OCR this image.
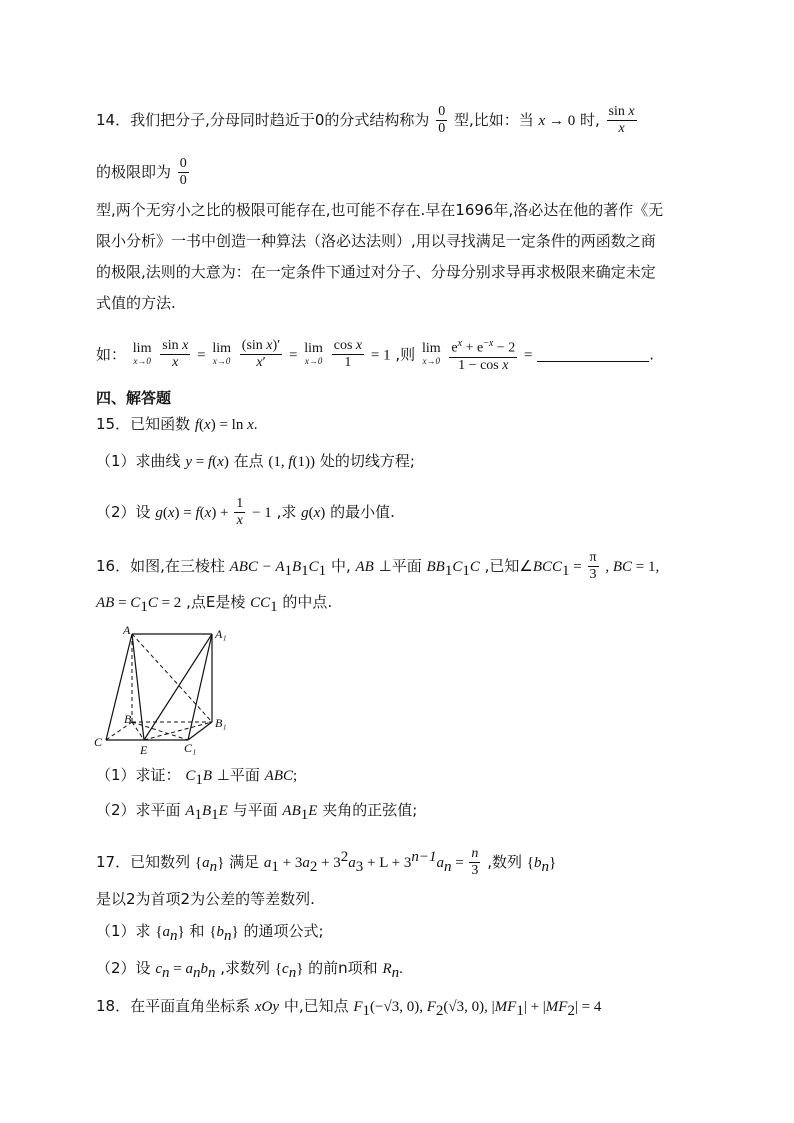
14．我们把分子,分母同时趋近于0的分式结构称为 $\frac{0}{0}$ 型,比如：当 x → 0 时, $\frac{\text{sin x}}{x}$
的极限即为 $\frac{0}{0}$
型,两个无穷小之比的极限可能存在,也可能不存在.早在1696年,洛必达在他的著作《无
限小分析》一书中创造一种算法（洛必达法则）,用以寻找满足一定条件的两函数之商
的极限,法则的大意为：在一定条件下通过对分子、分母分别求导再求极限来确定未定
式值的方法.
如： lim
x→0
$\frac{\text{sin x}}{x} = \lim$
x→0
$\frac{\text{(sin x)′}}{x'} = \lim$
x→0
$\frac{\text{cos x}}{1} = 1$ ,则 lim
x→0
$\frac{e^x + e^{-x} - 2}{\text{1 − cos x}}$ =	.
四、解答题
15．已知函数 f(x) = ln x.
（1）求曲线 y = f(x) 在点 (1, f(1)) 处的切线方程;
（2）设 $g(x) = f(x) + \frac{1}{x} - 1$ ,求 g(x) 的最小值.
16．如图,在三棱柱 ABC − $A_1B_1C_1$ 中, AB ⊥平面 $BB_1C_1C$ ,已知$\angle BCC_1 = \frac{\pi}{3}$ , BC = 1,
AB = $C_1C = 2$ ,点E是棱 $CC_1$ 的中点.
A	A₁
B	B₁
C	C₁
E
（1）求证： $C_1B$ ⊥平面 ABC;
（2）求平面 $A_1B_1E$ 与平面 $AB_1E$ 夹角的正弦值;
17．已知数列 $\{a_n\}$ 满足 $a_1 + 3a_2 + 3^2a_3 + L + 3^{n-1}a_n = \frac{n}{3}$ ,数列 $\{b_n\}$
是以2为首项2为公差的等差数列.
（1）求 $\{a_n\}$ 和 $\{b_n\}$ 的通项公式;
（2）设 $c_n = a_nb_n$ ,求数列 $\{c_n\}$ 的前n项和 $R_n$.
18．在平面直角坐标系 xOy 中,已知点 $F_1(-√3$, 0), $F_2(√3$, 0), $|MF_1| + |MF_2| = 4$
